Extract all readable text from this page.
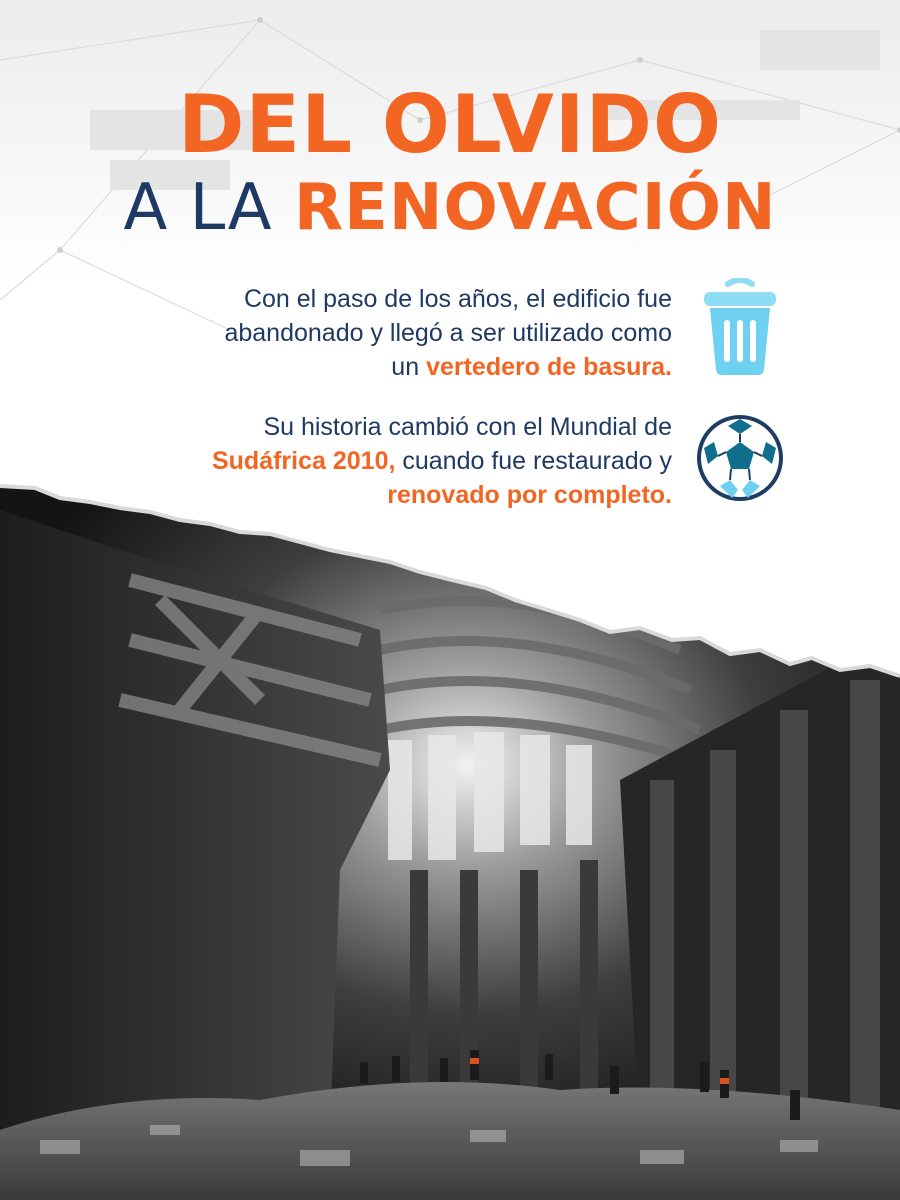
DEL OLVIDO
A LA RENOVACIÓN

Con el paso de los años, el edificio fue
abandonado y llegó a ser utilizado como
un vertedero de basura.

Su historia cambió con el Mundial de
Sudáfrica 2010, cuando fue restaurado y
renovado por completo.
